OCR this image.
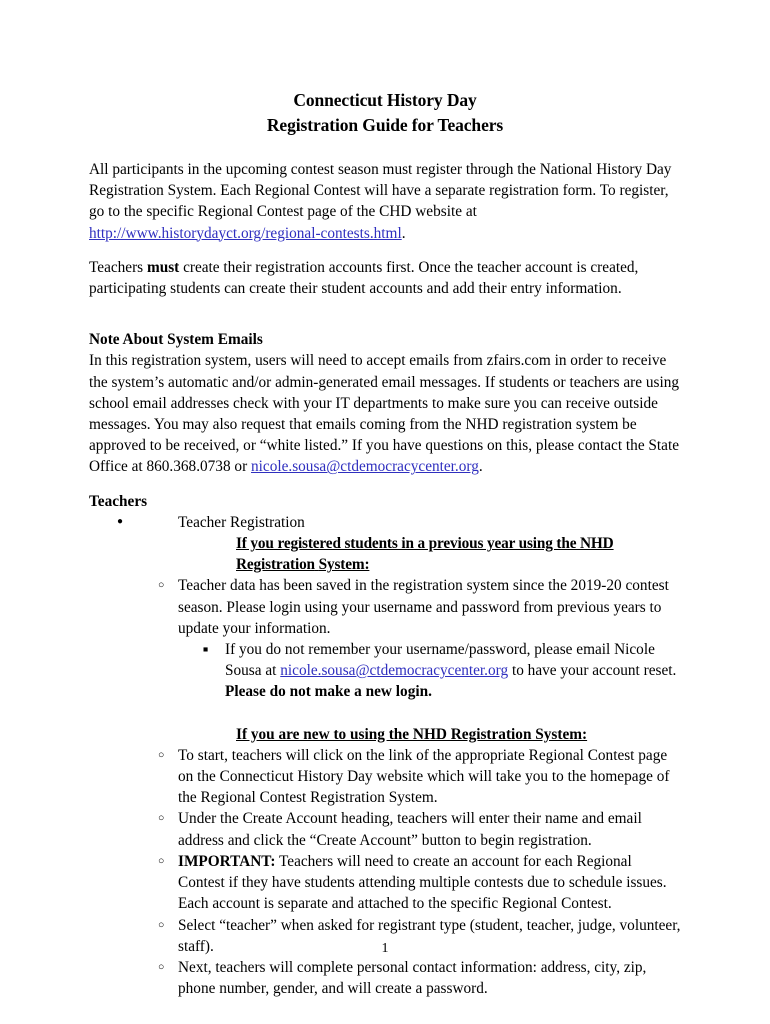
Connecticut History Day
Registration Guide for Teachers

All participants in the upcoming contest season must register through the National History Day Registration System. Each Regional Contest will have a separate registration form. To register, go to the specific Regional Contest page of the CHD website at http://www.historydayct.org/regional-contests.html.

Teachers must create their registration accounts first. Once the teacher account is created, participating students can create their student accounts and add their entry information.

Note About System Emails

In this registration system, users will need to accept emails from zfairs.com in order to receive the system’s automatic and/or admin-generated email messages. If students or teachers are using school email addresses check with your IT departments to make sure you can receive outside messages. You may also request that emails coming from the NHD registration system be approved to be received, or “white listed.” If you have questions on this, please contact the State Office at 860.368.0738 or nicole.sousa@ctdemocracycenter.org.

Teachers

● Teacher Registration
If you registered students in a previous year using the NHD Registration System:
○ Teacher data has been saved in the registration system since the 2019-20 contest season. Please login using your username and password from previous years to update your information.
■ If you do not remember your username/password, please email Nicole Sousa at nicole.sousa@ctdemocracycenter.org to have your account reset. Please do not make a new login.
If you are new to using the NHD Registration System:
○ To start, teachers will click on the link of the appropriate Regional Contest page on the Connecticut History Day website which will take you to the homepage of the Regional Contest Registration System.
○ Under the Create Account heading, teachers will enter their name and email address and click the “Create Account” button to begin registration.
○ IMPORTANT: Teachers will need to create an account for each Regional Contest if they have students attending multiple contests due to schedule issues. Each account is separate and attached to the specific Regional Contest.
○ Select “teacher” when asked for registrant type (student, teacher, judge, volunteer, staff).
○ Next, teachers will complete personal contact information: address, city, zip, phone number, gender, and will create a password.
1
